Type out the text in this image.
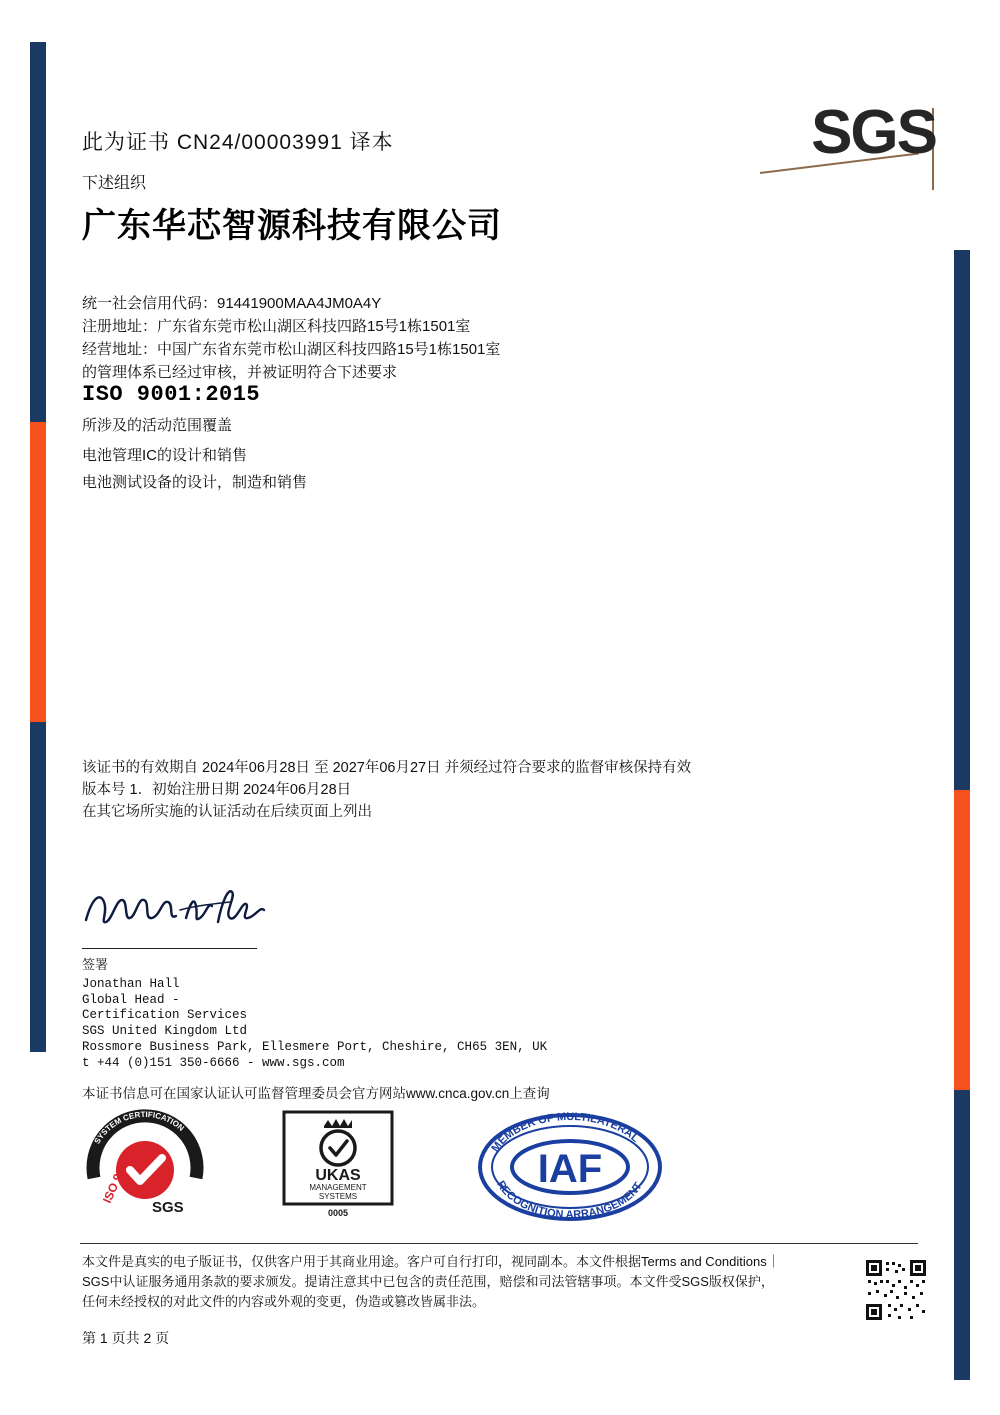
SGS
此为证书 CN24/00003991 译本
下述组织
广东华芯智源科技有限公司
统一社会信用代码：91441900MAA4JM0A4Y
注册地址：广东省东莞市松山湖区科技四路15号1栋1501室
经营地址：中国广东省东莞市松山湖区科技四路15号1栋1501室
的管理体系已经过审核，并被证明符合下述要求
ISO 9001:2015
所涉及的活动范围覆盖
电池管理IC的设计和销售
电池测试设备的设计，制造和销售
该证书的有效期自 2024年06月28日 至 2027年06月27日 并须经过符合要求的监督审核保持有效
版本号 1．初始注册日期 2024年06月28日
在其它场所实施的认证活动在后续页面上列出
签署
Jonathan Hall
Global Head -
Certification Services
SGS United Kingdom Ltd
Rossmore Business Park, Ellesmere Port, Cheshire, CH65 3EN, UK
t +44 (0)151 350-6666 - www.sgs.com
本证书信息可在国家认证认可监督管理委员会官方网站www.cnca.gov.cn上查询
SYSTEM CERTIFICATION
ISO 9001
SGS
UKAS
MANAGEMENT
SYSTEMS
0005
IAF
MEMBER OF MULTILATERAL
RECOGNITION ARRANGEMENT
本文件是真实的电子版证书，仅供客户用于其商业用途。客户可自行打印，视同副本。本文件根据Terms and Conditions｜SGS中认证服务通用条款的要求颁发。提请注意其中已包含的责任范围，赔偿和司法管辖事项。本文件受SGS版权保护，任何未经授权的对此文件的内容或外观的变更，伪造或篡改皆属非法。
第 1 页共 2 页
